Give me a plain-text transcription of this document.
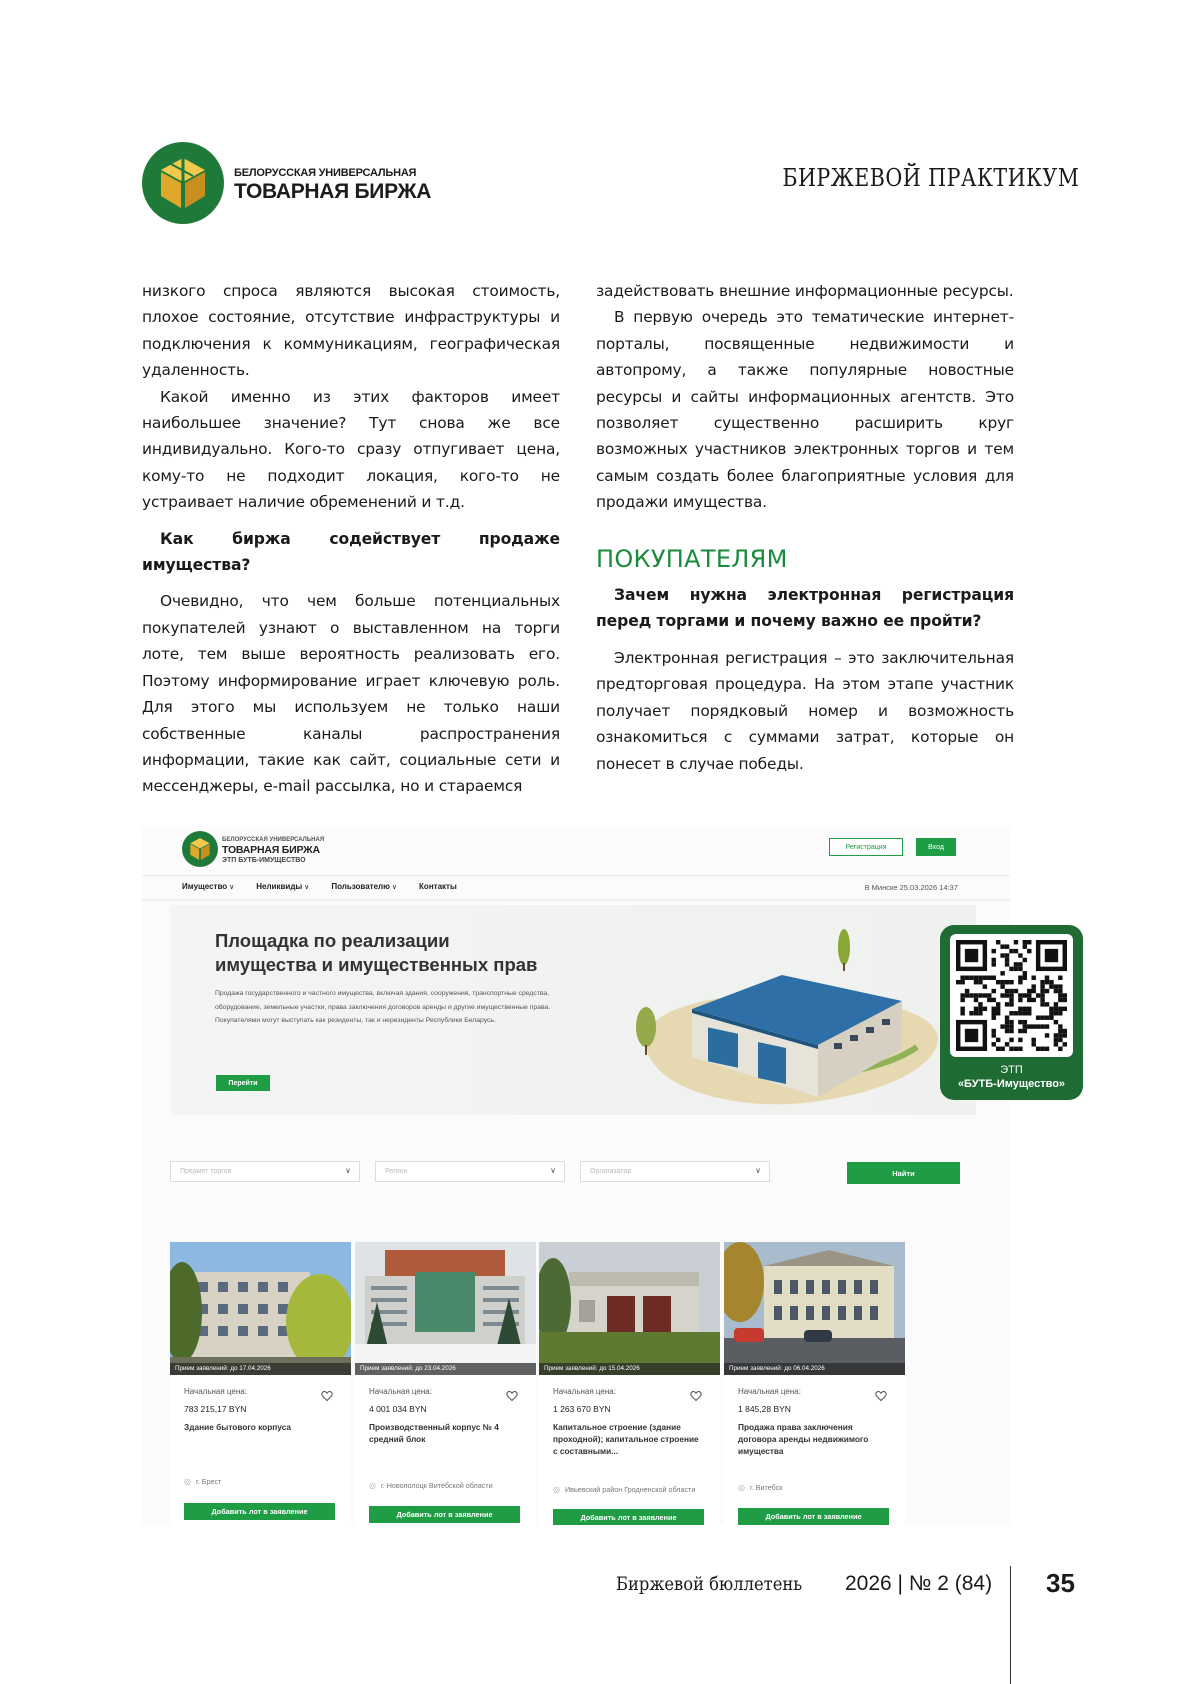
БЕЛОРУССКАЯ УНИВЕРСАЛЬНАЯ
ТОВАРНАЯ БИРЖА	БИРЖЕВОЙ ПРАКТИКУМ

низкого спроса являются высокая стоимость, плохое состояние, отсутствие инфраструктуры и подключения к коммуникациям, географическая удаленность.

Какой именно из этих факторов имеет наибольшее значение? Тут снова же все индивидуально. Кого-то сразу отпугивает цена, кому-то не подходит локация, кого-то не устраивает наличие обременений и т.д.

Как биржа содействует продаже имущества?

Очевидно, что чем больше потенциальных покупателей узнают о выставленном на торги лоте, тем выше вероятность реализовать его. Поэтому информирование играет ключевую роль. Для этого мы используем не только наши собственные каналы распространения информации, такие как сайт, социальные сети и мессенджеры, e-mail рассылка, но и стараемся

задействовать внешние информационные ресурсы.

В первую очередь это тематические интернет-порталы, посвященные недвижимости и автопрому, а также популярные новостные ресурсы и сайты информационных агентств. Это позволяет существенно расширить круг возможных участников электронных торгов и тем самым создать более благоприятные условия для продажи имущества.

ПОКУПАТЕЛЯМ
Зачем нужна электронная регистрация перед торгами и почему важно ее пройти?

Электронная регистрация – это заключительная предторговая процедура. На этом этапе участник получает порядковый номер и возможность ознакомиться с суммами затрат, которые он понесет в случае победы.

БЕЛОРУССКАЯ УНИВЕРСАЛЬНАЯ
ТОВАРНАЯ БИРЖА
ЭТП БУТБ-ИМУЩЕСТВО
Регистрация	Вход
Имущество ∨	Неликвиды ∨	Пользователю ∨	Контакты	В Минске 25.03.2026 14:37
Площадка по реализации имущества и имущественных прав
Продажа государственного и частного имущества, включая здания, сооружения, транспортные средства, оборудование, земельные участки, права заключения договоров аренды и другие имущественные права.
Покупателями могут выступать как резиденты, так и нерезиденты Республики Беларусь.
Перейти
Предмет торгов ∨	Регион ∨	Организатор ∨	Найти
Прием заявлений: до 17.04.2026
Начальная цена:
783 215,17 BYN
Здание бытового корпуса
◎ г. Брест
Добавить лот в заявление
Прием заявлений: до 23.04.2026
Начальная цена:
4 001 034 BYN
Производственный корпус № 4 средний блок
◎ г. Новополоцк Витебской области
Добавить лот в заявление
Прием заявлений: до 15.04.2026
Начальная цена:
1 263 670 BYN
Капитальное строение (здание проходной); капитальное строение с составными...
◎ Ивьевский район Гродненской области
Добавить лот в заявление
Прием заявлений: до 06.04.2026
Начальная цена:
1 845,28 BYN
Продажа права заключения договора аренды недвижимого имущества
◎ г. Витебск
Добавить лот в заявление
ЭТП
«БУТБ-Имущество»
Биржевой бюллетень 2026 | № 2 (84) 35
